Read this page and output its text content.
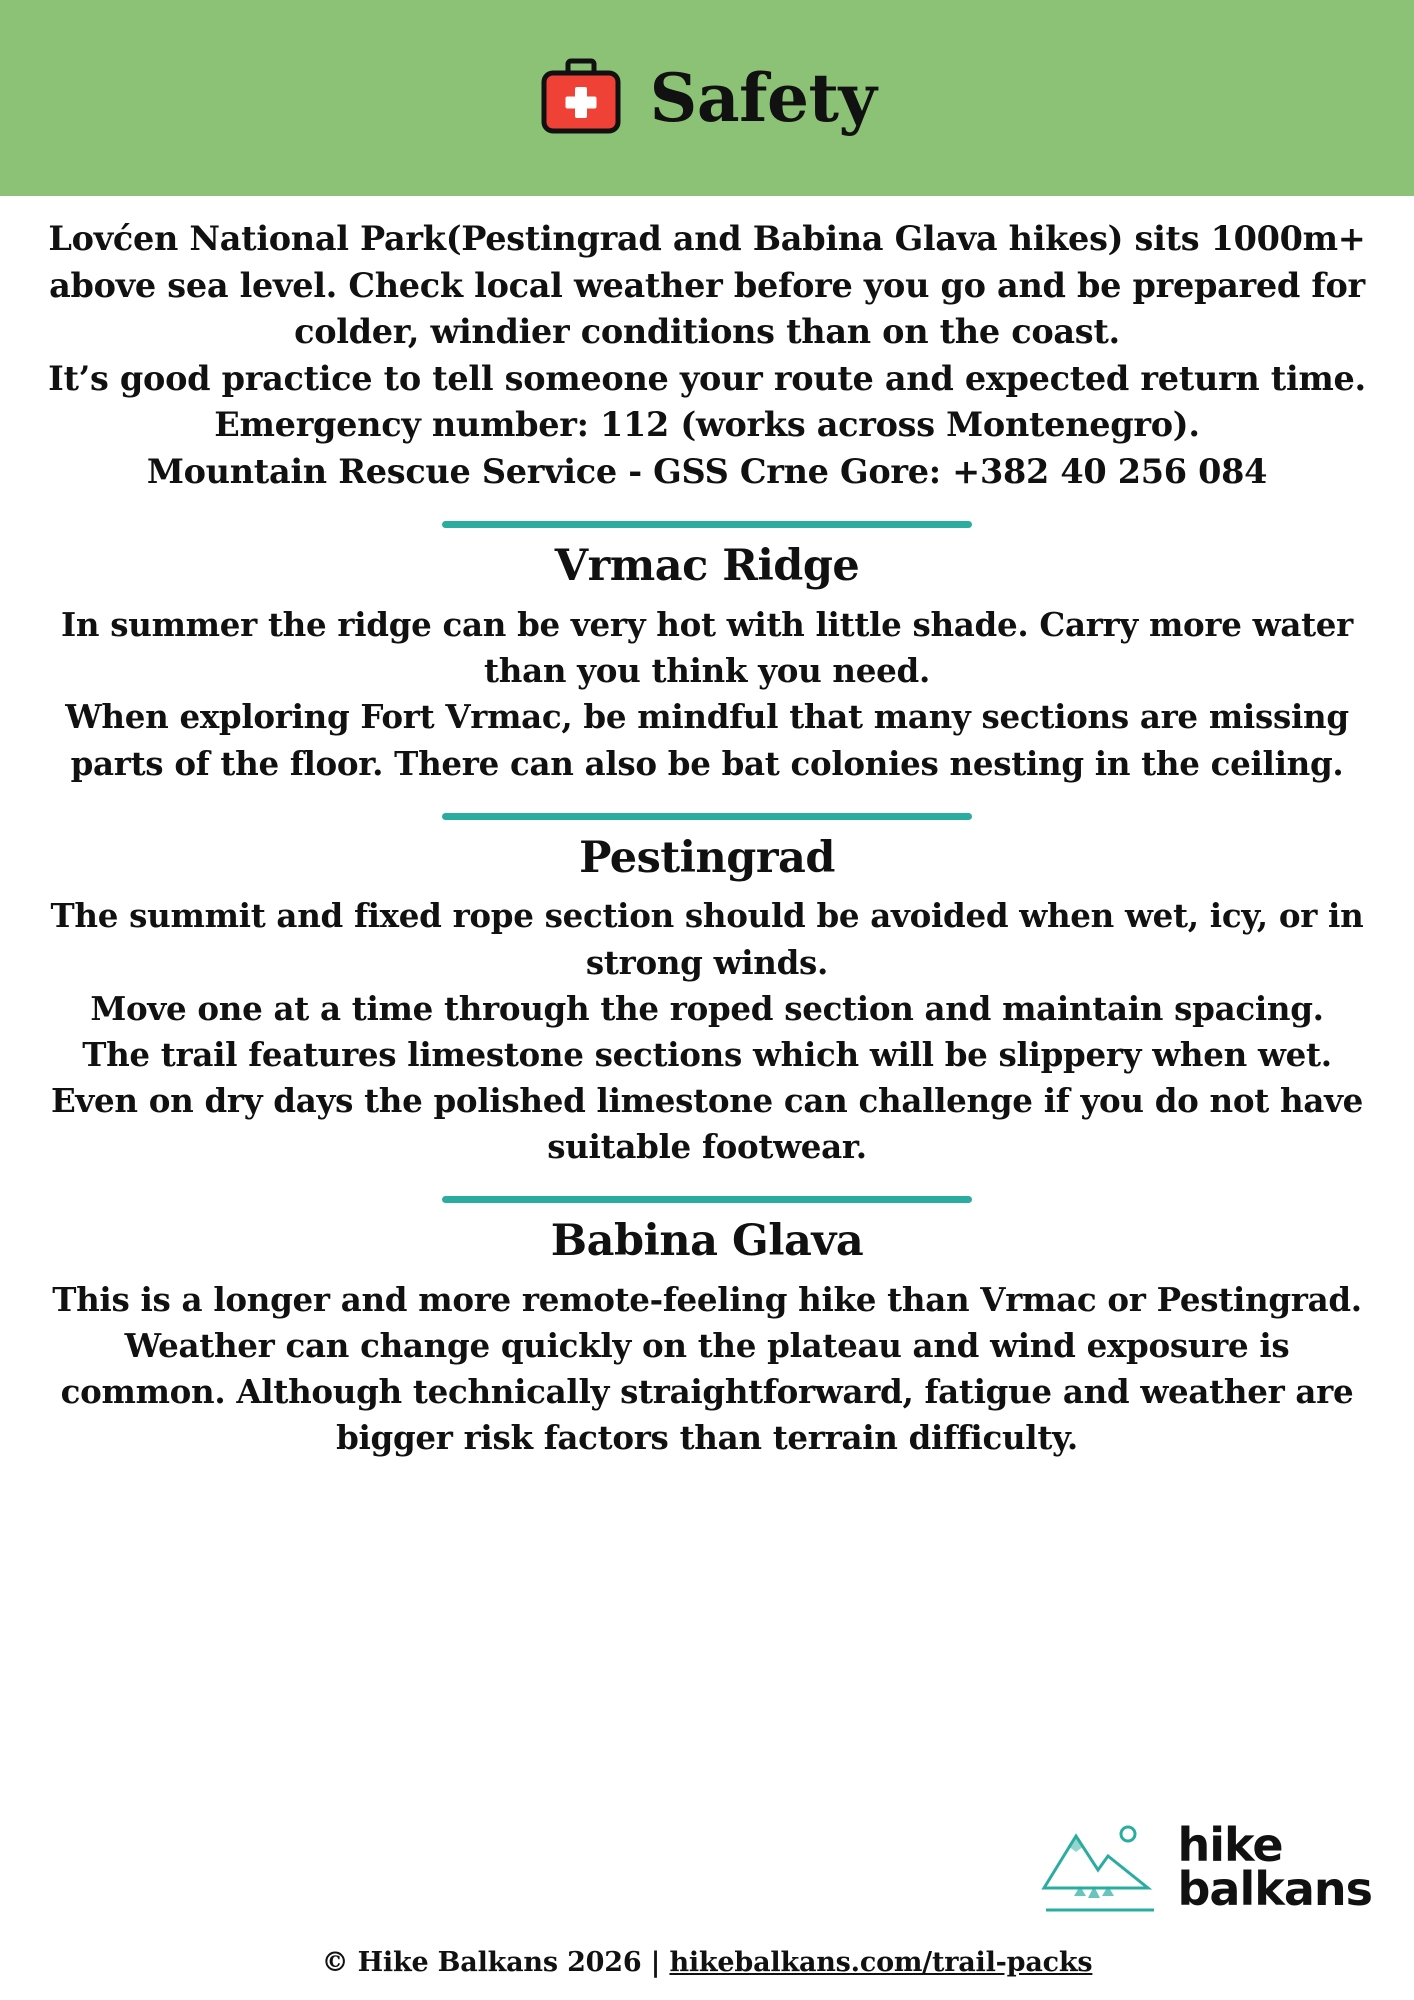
Safety

Lovćen National Park(Pestingrad and Babina Glava hikes) sits 1000m+ above sea level. Check local weather before you go and be prepared for colder, windier conditions than on the coast.

It’s good practice to tell someone your route and expected return time.

Emergency number: 112 (works across Montenegro).

Mountain Rescue Service - GSS Crne Gore: +382 40 256 084

Vrmac Ridge

In summer the ridge can be very hot with little shade. Carry more water than you think you need.

When exploring Fort Vrmac, be mindful that many sections are missing parts of the floor. There can also be bat colonies nesting in the ceiling.

Pestingrad

The summit and fixed rope section should be avoided when wet, icy, or in strong winds.

Move one at a time through the roped section and maintain spacing.

The trail features limestone sections which will be slippery when wet. Even on dry days the polished limestone can challenge if you do not have suitable footwear.

Babina Glava

This is a longer and more remote-feeling hike than Vrmac or Pestingrad. Weather can change quickly on the plateau and wind exposure is common. Although technically straightforward, fatigue and weather are bigger risk factors than terrain difficulty.

hike
balkans
© Hike Balkans 2026 | hikebalkans.com/trail-packs
